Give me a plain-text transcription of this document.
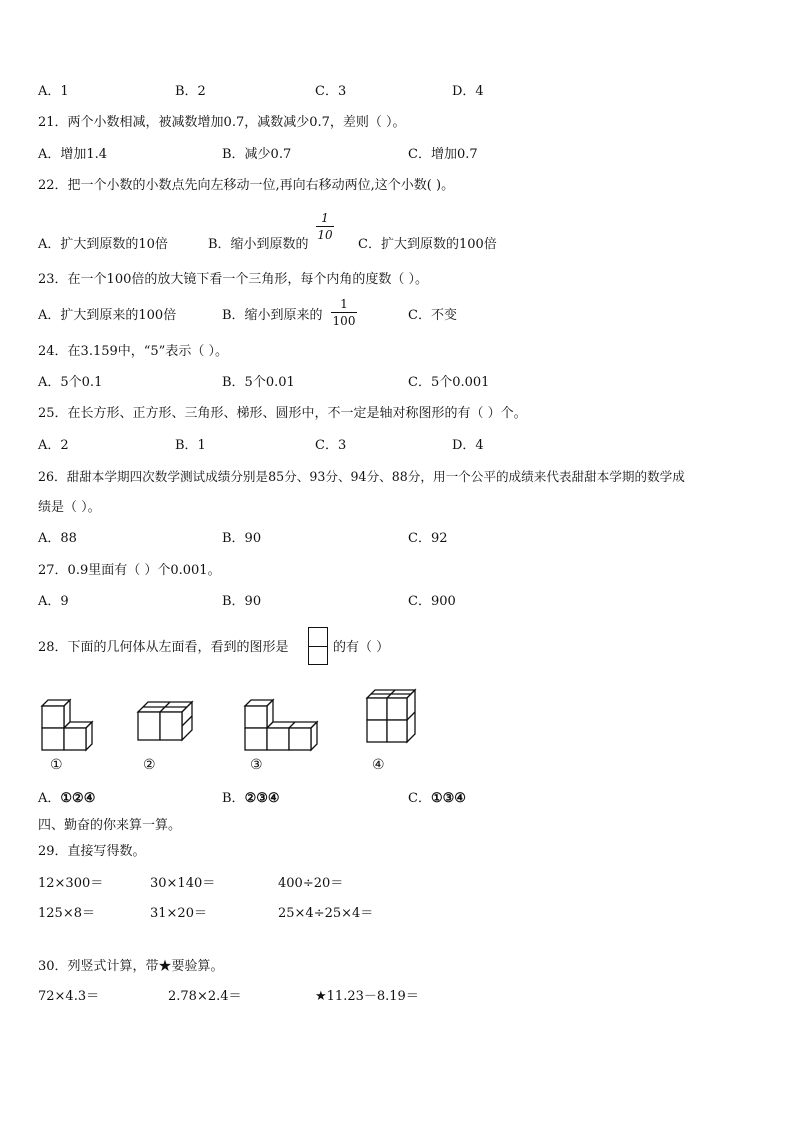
A．1	B．2	C．3	D．4
21．两个小数相减，被减数增加0.7，减数减少0.7，差则（ ）。
A．增加1.4	B．减少0.7	C．增加0.7
22．把一个小数的小数点先向左移动一位,再向右移动两位,这个小数( )。
A．扩大到原数的10倍	B．缩小到原数的
1
10
C．扩大到原数的100倍
23．在一个100倍的放大镜下看一个三角形，每个内角的度数（ ）。
A．扩大到原来的100倍	B．缩小到原来的
1
100	C．不变
24．在3.159中，“5”表示（ ）。
A．5个0.1	B．5个0.01	C．5个0.001
25．在长方形、正方形、三角形、梯形、圆形中，不一定是轴对称图形的有（ ）个。
A．2	B．1	C．3	D．4
26．甜甜本学期四次数学测试成绩分别是85分、93分、94分、88分，用一个公平的成绩来代表甜甜本学期的数学成
绩是（ ）。
A．88	B．90	C．92
27．0.9里面有（ ）个0.001。
A．9	B．90	C．900
28．下面的几何体从左面看，看到的图形是	的有（ ）
①	②	③	④
A．①②④	B．②③④	C．①③④
四、勤奋的你来算一算。
29．直接写得数。
12×300＝	30×140＝	400÷20＝
125×8＝	31×20＝	25×4÷25×4＝
30．列竖式计算，带★要验算。
72×4.3＝	2.78×2.4＝	★11.23－8.19＝
